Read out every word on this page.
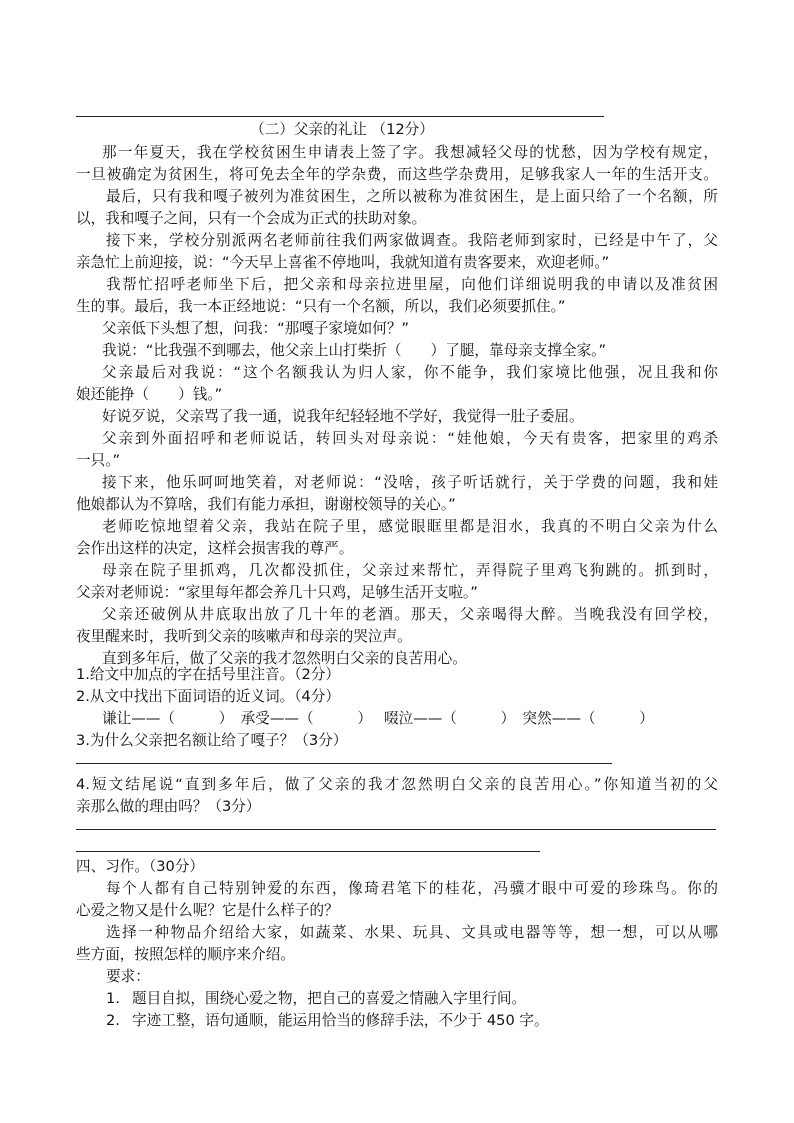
（二）父亲的礼让 （12分）
那一年夏天，我在学校贫困生申请表上签了字。我想减轻父母的忧愁，因为学校有规定，
一旦被确定为贫困生，将可免去全年的学杂费，而这些学杂费用，足够我家人一年的生活开支。
最后，只有我和嘎子被列为准贫困生，之所以被称为准贫困生，是上面只给了一个名额，所
以，我和嘎子之间，只有一个会成为正式的扶助对象。
接下来，学校分别派两名老师前往我们两家做调查。我陪老师到家时，已经是中午了，父
亲急忙上前迎接，说：“今天早上喜雀不停地叫，我就知道有贵客要来，欢迎老师。”
我帮忙招呼老师坐下后，把父亲和母亲拉进里屋，向他们详细说明我的申请以及准贫困
生的事。最后，我一本正经地说：“只有一个名额，所以，我们必须要抓住。”
父亲低下头想了想，问我：“那嘎子家境如何？”
我说：“比我强不到哪去，他父亲上山打柴折（　　）了腿，靠母亲支撑全家。”
父亲最后对我说：“这个名额我认为归人家，你不能争，我们家境比他强，况且我和你
娘还能挣（　　）钱。”
好说歹说，父亲骂了我一通，说我年纪轻轻地不学好，我觉得一肚子委屈。
父亲到外面招呼和老师说话，转回头对母亲说：“娃他娘，今天有贵客，把家里的鸡杀
一只。”
接下来，他乐呵呵地笑着，对老师说：“没啥，孩子听话就行，关于学费的问题，我和娃
他娘都认为不算啥，我们有能力承担，谢谢校领导的关心。”
老师吃惊地望着父亲，我站在院子里，感觉眼眶里都是泪水，我真的不明白父亲为什么
会作出这样的决定，这样会损害我的尊严。
母亲在院子里抓鸡，几次都没抓住，父亲过来帮忙，弄得院子里鸡飞狗跳的。抓到时，
父亲对老师说：“家里每年都会养几十只鸡，足够生活开支啦。”
父亲还破例从井底取出放了几十年的老酒。那天，父亲喝得大醉。当晚我没有回学校，
夜里醒来时，我听到父亲的咳嗽声和母亲的哭泣声。
直到多年后，做了父亲的我才忽然明白父亲的良苦用心。
1.给文中加点的字在括号里注音。（2分）
2.从文中找出下面词语的近义词。（4分）
谦让——（　　　）　承受——（　　　）　 啜泣——（　　　）　突然——（　　　）
3.为什么父亲把名额让给了嘎子？（3分）
4.短文结尾说“直到多年后，做了父亲的我才忽然明白父亲的良苦用心。”你知道当初的父
亲那么做的理由吗？（3分）
四、习作。（30分）
每个人都有自己特别钟爱的东西，像琦君笔下的桂花，冯骥才眼中可爱的珍珠鸟。你的
心爱之物又是什么呢？它是什么样子的？
选择一种物品介绍给大家，如蔬菜、水果、玩具、文具或电器等等，想一想，可以从哪
些方面，按照怎样的顺序来介绍。
要求：
1. 题目自拟，围绕心爱之物，把自己的喜爱之情融入字里行间。
2. 字迹工整，语句通顺，能运用恰当的修辞手法，不少于 450 字。
